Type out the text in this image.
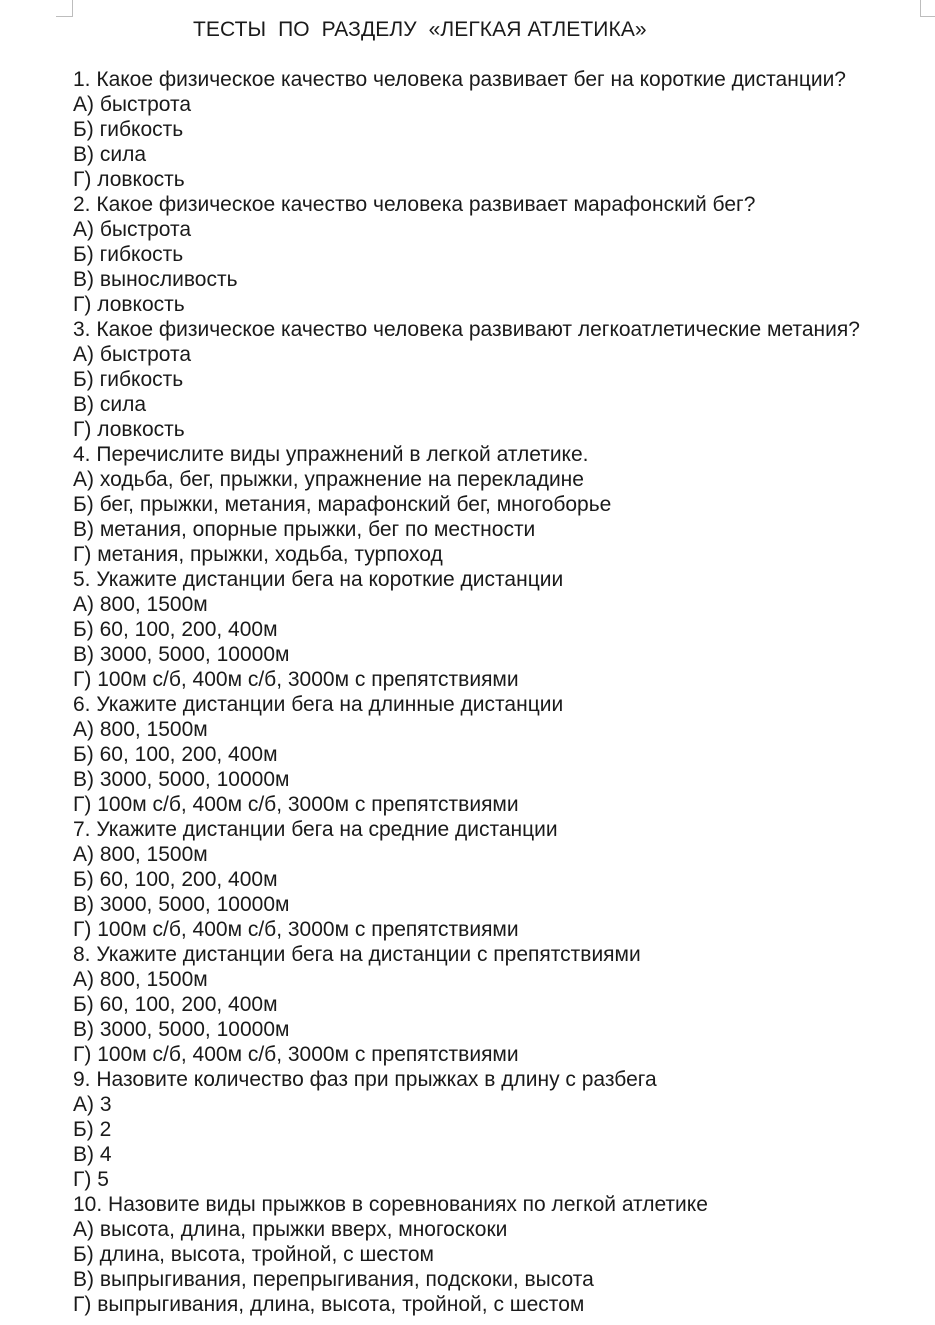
ТЕСТЫ  ПО  РАЗДЕЛУ  «ЛЕГКАЯ АТЛЕТИКА»
1. Какое физическое качество человека развивает бег на короткие дистанции?
А) быстрота
Б) гибкость
В) сила
Г) ловкость
2. Какое физическое качество человека развивает марафонский бег?
А) быстрота
Б) гибкость
В) выносливость
Г) ловкость
3. Какое физическое качество человека развивают легкоатлетические метания?
А) быстрота
Б) гибкость
В) сила
Г) ловкость
4. Перечислите виды упражнений в легкой атлетике.
А) ходьба, бег, прыжки, упражнение на перекладине
Б) бег, прыжки, метания, марафонский бег, многоборье
В) метания, опорные прыжки, бег по местности
Г) метания, прыжки, ходьба, турпоход
5. Укажите дистанции бега на короткие дистанции
А) 800, 1500м
Б) 60, 100, 200, 400м
В) 3000, 5000, 10000м
Г) 100м с/б, 400м с/б, 3000м с препятствиями
6. Укажите дистанции бега на длинные дистанции
А) 800, 1500м
Б) 60, 100, 200, 400м
В) 3000, 5000, 10000м
Г) 100м с/б, 400м с/б, 3000м с препятствиями
7. Укажите дистанции бега на средние дистанции
А) 800, 1500м
Б) 60, 100, 200, 400м
В) 3000, 5000, 10000м
Г) 100м с/б, 400м с/б, 3000м с препятствиями
8. Укажите дистанции бега на дистанции с препятствиями
А) 800, 1500м
Б) 60, 100, 200, 400м
В) 3000, 5000, 10000м
Г) 100м с/б, 400м с/б, 3000м с препятствиями
9. Назовите количество фаз при прыжках в длину с разбега
А) 3
Б) 2
В) 4
Г) 5
10. Назовите виды прыжков в соревнованиях по легкой атлетике
А) высота, длина, прыжки вверх, многоскоки
Б) длина, высота, тройной, с шестом
В) выпрыгивания, перепрыгивания, подскоки, высота
Г) выпрыгивания, длина, высота, тройной, с шестом
